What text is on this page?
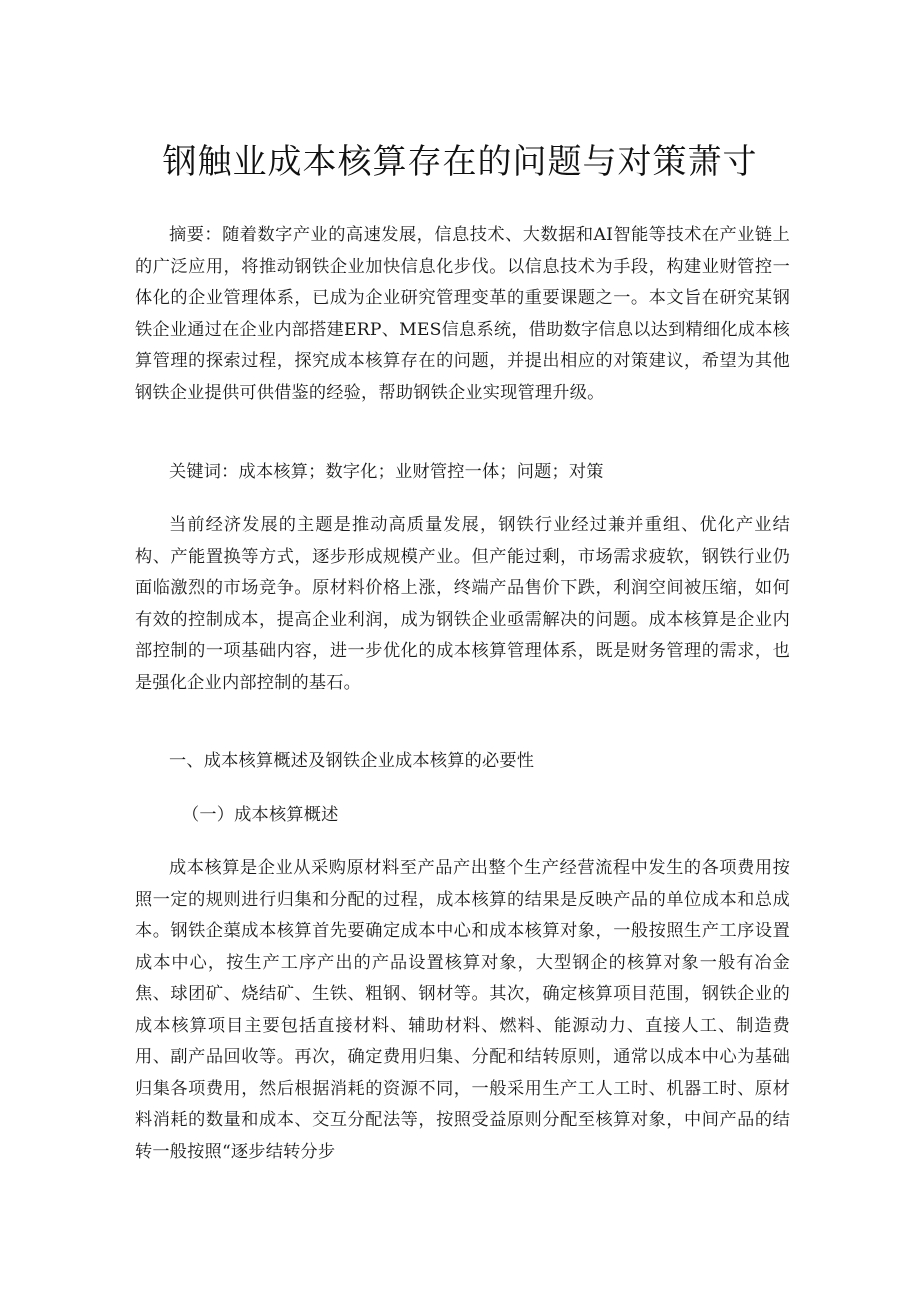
钢触业成本核算存在的问题与对策萧寸

摘要：随着数字产业的高速发展，信息技术、大数据和AI智能等技术在产业链上的广泛应用，将推动钢铁企业加快信息化步伐。以信息技术为手段，构建业财管控一体化的企业管理体系，已成为企业研究管理变革的重要课题之一。本文旨在研究某钢铁企业通过在企业内部搭建ERP、MES信息系统，借助数字信息以达到精细化成本核算管理的探索过程，探究成本核算存在的问题，并提出相应的对策建议，希望为其他钢铁企业提供可供借鉴的经验，帮助钢铁企业实现管理升级。

关键词：成本核算；数字化；业财管控一体；问题；对策

当前经济发展的主题是推动高质量发展，钢铁行业经过兼并重组、优化产业结构、产能置换等方式，逐步形成规模产业。但产能过剩，市场需求疲软，钢铁行业仍面临激烈的市场竞争。原材料价格上涨，终端产品售价下跌，利润空间被压缩，如何有效的控制成本，提高企业利润，成为钢铁企业亟需解决的问题。成本核算是企业内部控制的一项基础内容，进一步优化的成本核算管理体系，既是财务管理的需求，也是强化企业内部控制的基石。

一、成本核算概述及钢铁企业成本核算的必要性
（一）成本核算概述

成本核算是企业从采购原材料至产品产出整个生产经营流程中发生的各项费用按照一定的规则进行归集和分配的过程，成本核算的结果是反映产品的单位成本和总成本。钢铁企蕖成本核算首先要确定成本中心和成本核算对象，一般按照生产工序设置成本中心，按生产工序产出的产品设置核算对象，大型钢企的核算对象一般有冶金焦、球团矿、烧结矿、生铁、粗钢、钢材等。其次，确定核算项目范围，钢铁企业的成本核算项目主要包括直接材料、辅助材料、燃料、能源动力、直接人工、制造费用、副产品回收等。再次，确定费用归集、分配和结转原则，通常以成本中心为基础归集各项费用，然后根据消耗的资源不同，一般采用生产工人工时、机器工时、原材料消耗的数量和成本、交互分配法等，按照受益原则分配至核算对象，中间产品的结转一般按照“逐步结转分步
